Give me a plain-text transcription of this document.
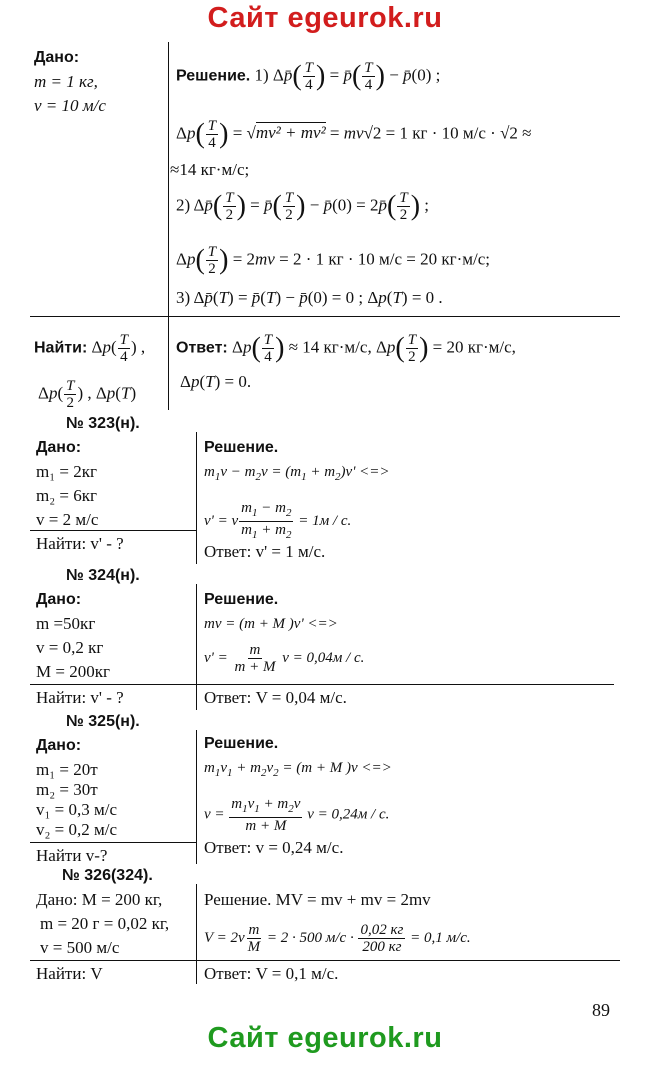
Сайт egeurok.ru
Сайт egeurok.ru
89
Дано:
m = 1 кг,
v = 10 м/с
Решение. 1) Δp̄( $\frac{T}{4}$ ) = p̄( $\frac{T}{4}$ ) − p̄(0) ;
$\Delta p( \frac{T}{4}$ ) = √mv² + mv² = mv√2 = 1 кг · 10 м/с · √2 ≈
≈14 кг·м/с;
2) Δp̄( $\frac{T}{2}$ ) = p̄( $\frac{T}{2}$ ) − p̄(0) = 2p̄( $\frac{T}{2}$ ) ;
$\Delta p( \frac{T}{2}$ ) = 2mv = 2 · 1 кг · 10 м/с = 20 кг·м/с;
3) Δp̄(T) = p̄(T) − p̄(0) = 0 ; Δp(T) = 0 .
Найти: $\Delta p( \frac{T}{4}$ ) ,
$\Delta p( \frac{T}{2}$ ) , Δp(T)
Ответ: $\Delta p( \frac{T}{4}$ ) ≈ 14 кг·м/с, $\Delta p( \frac{T}{2}$ ) = 20 кг·м/с,
Δp(T) = 0.
№ 323(н).
Дано:
m₁ = 2кг
m₂ = 6кг
v = 2 м/с
Найти: v' - ?
Решение.
$m_1v - m_2v = (m_1 + m_2)v'$ <=>
v' = v $\frac{m_1 - m_2}{m_1 + m_2} = 1м / с$.
Ответ: v' = 1 м/с.
№ 324(н).
Дано:
m =50кг
v = 0,2 кг
M = 200кг
Найти: v' - ?
Решение.
mv = (m + M )v' <=>
$v' = \frac{m}{m + M}$ v = 0,04м / с.
Ответ: V = 0,04 м/с.
№ 325(н).
Дано:
m₁ = 20т
m₂ = 30т
v₁ = 0,3 м/с
v₂ = 0,2 м/с
Найти v-?
Решение.
$m_1v_1 + m_2v_2 = (m + M$ )v <=>
$v = \frac{m_1v_1 + m_2v}{m + M}$ v = 0,24м / с.
Ответ: v = 0,24 м/с.
№ 326(324).
Дано: M = 200 кг,
m = 20 г = 0,02 кг,
v = 500 м/с
Найти: V
Решение. MV = mv + mv = 2mv
$V = 2v \frac{m}{M} = 2 \cdot 500$ $м/с \cdot \frac{0,02 кг}{200 кг} = 0,1$ м/с.
Ответ: V = 0,1 м/с.
